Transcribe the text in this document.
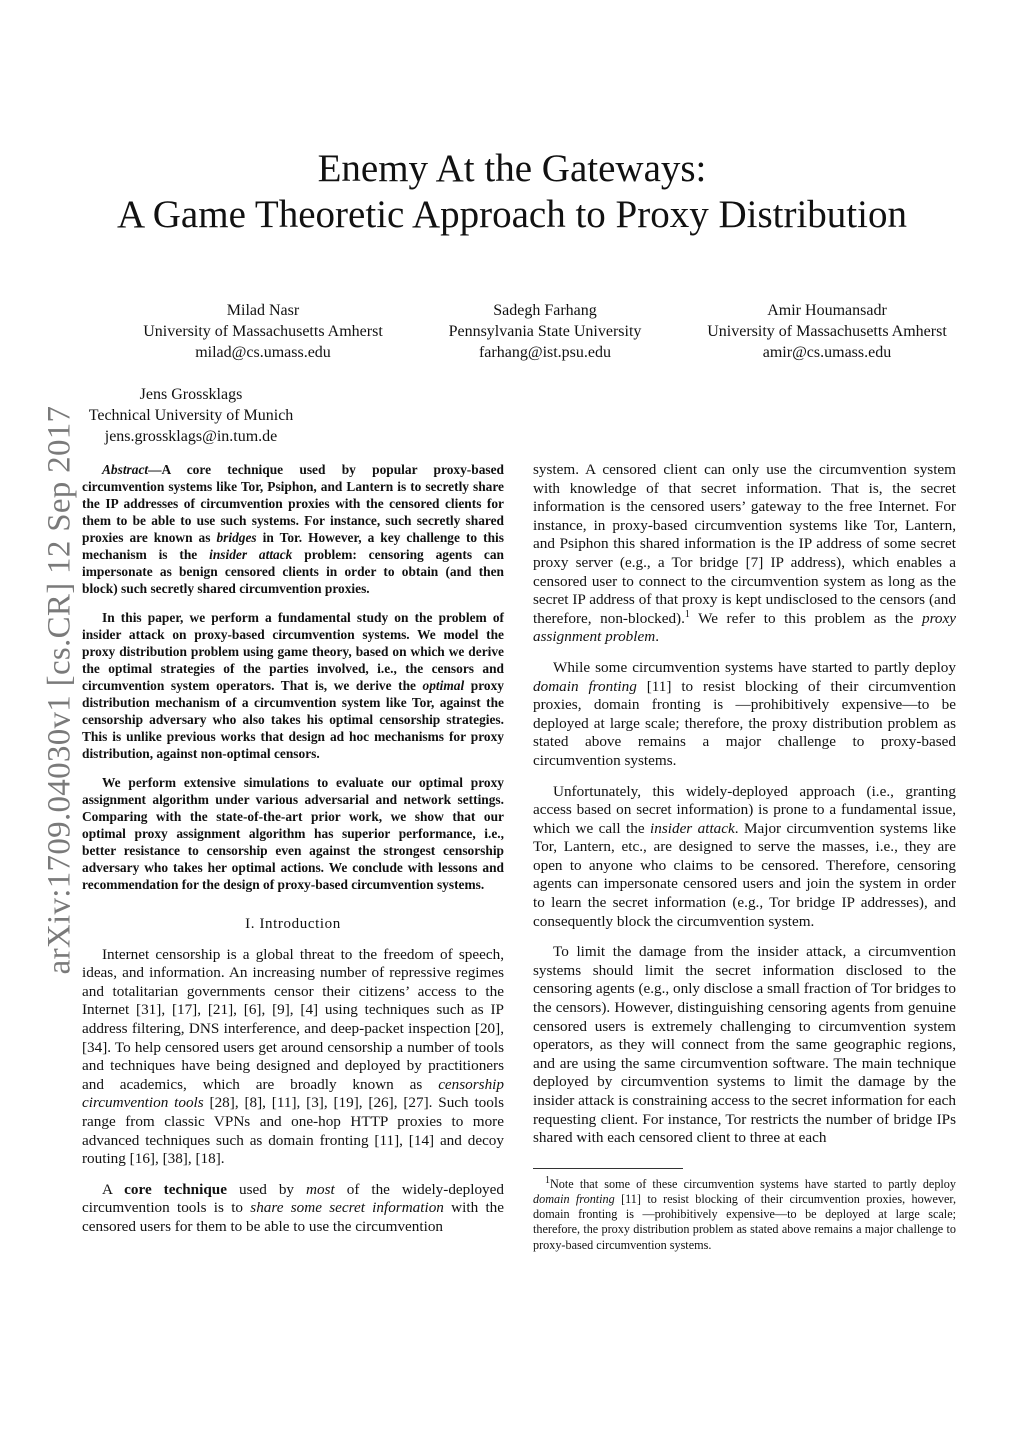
arXiv:1709.04030v1 [cs.CR] 12 Sep 2017
Enemy At the Gateways:
A Game Theoretic Approach to Proxy Distribution
Milad Nasr
University of Massachusetts Amherst
milad@cs.umass.edu
Sadegh Farhang
Pennsylvania State University
farhang@ist.psu.edu
Amir Houmansadr
University of Massachusetts Amherst
amir@cs.umass.edu
Jens Grossklags
Technical University of Munich
jens.grossklags@in.tum.de

Abstract—A core technique used by popular proxy-based circumvention systems like Tor, Psiphon, and Lantern is to secretly share the IP addresses of circumvention proxies with the censored clients for them to be able to use such systems. For instance, such secretly shared proxies are known as bridges in Tor. However, a key challenge to this mechanism is the insider attack problem: censoring agents can impersonate as benign censored clients in order to obtain (and then block) such secretly shared circumvention proxies.

In this paper, we perform a fundamental study on the problem of insider attack on proxy-based circumvention systems. We model the proxy distribution problem using game theory, based on which we derive the optimal strategies of the parties involved, i.e., the censors and circumvention system operators. That is, we derive the optimal proxy distribution mechanism of a circumvention system like Tor, against the censorship adversary who also takes his optimal censorship strategies. This is unlike previous works that design ad hoc mechanisms for proxy distribution, against non-optimal censors.

We perform extensive simulations to evaluate our optimal proxy assignment algorithm under various adversarial and network settings. Comparing with the state-of-the-art prior work, we show that our optimal proxy assignment algorithm has superior performance, i.e., better resistance to censorship even against the strongest censorship adversary who takes her optimal actions. We conclude with lessons and recommendation for the design of proxy-based circumvention systems.

I. Introduction

Internet censorship is a global threat to the freedom of speech, ideas, and information. An increasing number of repressive regimes and totalitarian governments censor their citizens’ access to the Internet [31], [17], [21], [6], [9], [4] using techniques such as IP address filtering, DNS interference, and deep-packet inspection [20], [34]. To help censored users get around censorship a number of tools and techniques have being designed and deployed by practitioners and academics, which are broadly known as censorship circumvention tools [28], [8], [11], [3], [19], [26], [27]. Such tools range from classic VPNs and one-hop HTTP proxies to more advanced techniques such as domain fronting [11], [14] and decoy routing [16], [38], [18].

A core technique used by most of the widely-deployed circumvention tools is to share some secret information with the censored users for them to be able to use the circumvention

system. A censored client can only use the circumvention system with knowledge of that secret information. That is, the secret information is the censored users’ gateway to the free Internet. For instance, in proxy-based circumvention systems like Tor, Lantern, and Psiphon this shared information is the IP address of some secret proxy server (e.g., a Tor bridge [7] IP address), which enables a censored user to connect to the circumvention system as long as the secret IP address of that proxy is kept undisclosed to the censors (and therefore, non-blocked).$^1$ We refer to this problem as the proxy assignment problem.

While some circumvention systems have started to partly deploy domain fronting [11] to resist blocking of their circumvention proxies, domain fronting is —prohibitively expensive—to be deployed at large scale; therefore, the proxy distribution problem as stated above remains a major challenge to proxy-based circumvention systems.

Unfortunately, this widely-deployed approach (i.e., granting access based on secret information) is prone to a fundamental issue, which we call the insider attack. Major circumvention systems like Tor, Lantern, etc., are designed to serve the masses, i.e., they are open to anyone who claims to be censored. Therefore, censoring agents can impersonate censored users and join the system in order to learn the secret information (e.g., Tor bridge IP addresses), and consequently block the circumvention system.

To limit the damage from the insider attack, a circumvention systems should limit the secret information disclosed to the censoring agents (e.g., only disclose a small fraction of Tor bridges to the censors). However, distinguishing censoring agents from genuine censored users is extremely challenging to circumvention system operators, as they will connect from the same geographic regions, and are using the same circumvention software. The main technique deployed by circumvention systems to limit the damage by the insider attack is constraining access to the secret information for each requesting client. For instance, Tor restricts the number of bridge IPs shared with each censored client to three at each

$^1$Note that some of these circumvention systems have started to partly deploy domain fronting [11] to resist blocking of their circumvention proxies, however, domain fronting is —prohibitively expensive—to be deployed at large scale; therefore, the proxy distribution problem as stated above remains a major challenge to proxy-based circumvention systems.
